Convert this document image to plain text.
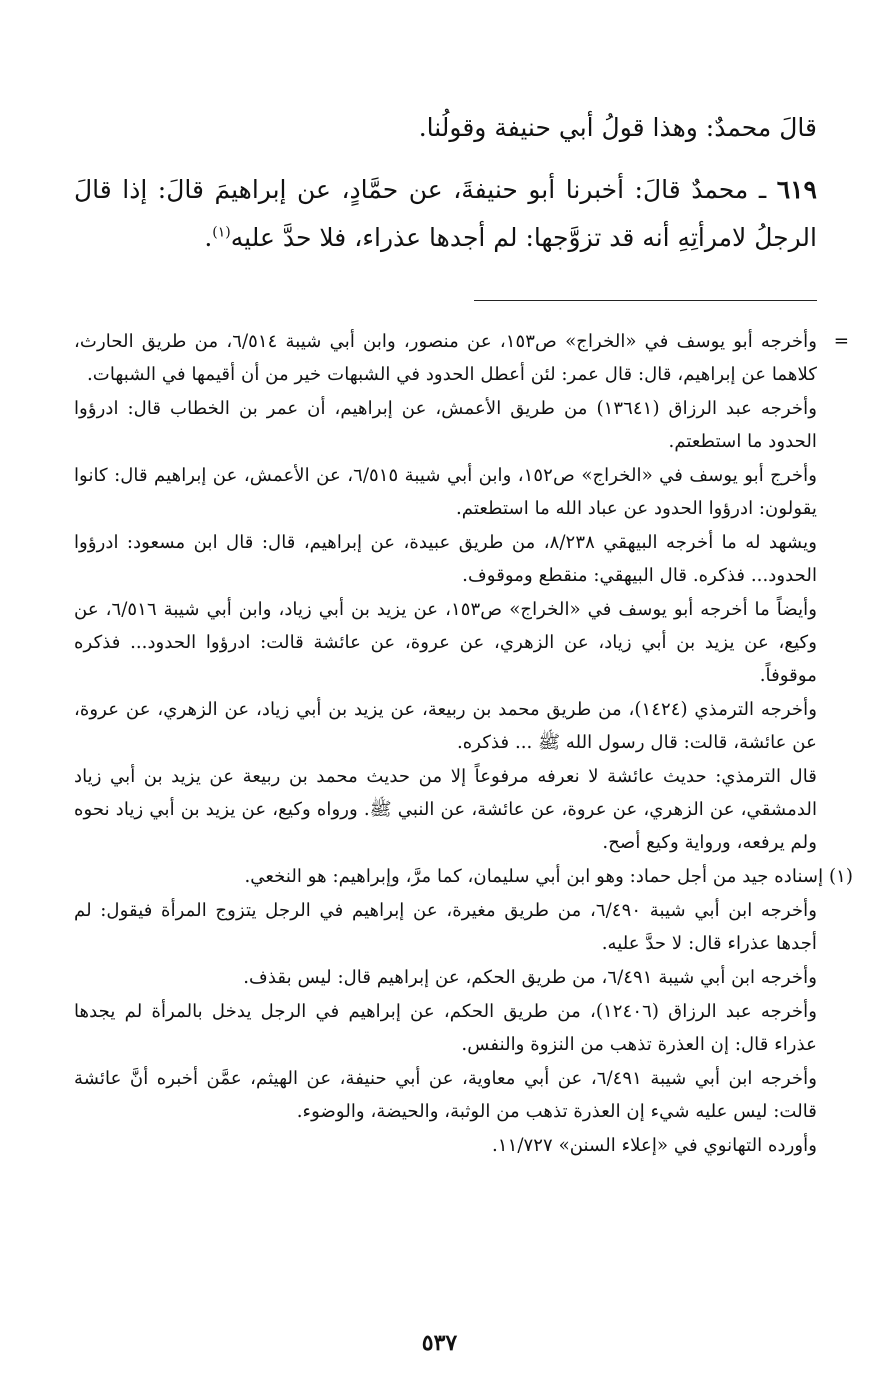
قالَ محمدٌ: وهذا قولُ أبي حنيفة وقولُنا.

٦١٩ ـ محمدٌ قالَ: أخبرنا أبو حنيفةَ، عن حمَّادٍ، عن إبراهيمَ قالَ: إذا قالَ الرجلُ لامرأتِهِ أنه قد تزوَّجها: لم أجدها عذراء، فلا حدَّ عليه$^{(١)}$.

=
وأخرجه أبو يوسف في «الخراج» ص١٥٣، عن منصور، وابن أبي شيبة ٦/٥١٤، من طريق الحارث، كلاهما عن إبراهيم، قال: قال عمر: لئن أعطل الحدود في الشبهات خير من أن أقيمها في الشبهات.

وأخرجه عبد الرزاق (١٣٦٤١) من طريق الأعمش، عن إبراهيم، أن عمر بن الخطاب قال: ادرؤوا الحدود ما استطعتم.

وأخرج أبو يوسف في «الخراج» ص١٥٢، وابن أبي شيبة ٦/٥١٥، عن الأعمش، عن إبراهيم قال: كانوا يقولون: ادرؤوا الحدود عن عباد الله ما استطعتم.

ويشهد له ما أخرجه البيهقي ٨/٢٣٨، من طريق عبيدة، عن إبراهيم، قال: قال ابن مسعود: ادرؤوا الحدود... فذكره. قال البيهقي: منقطع وموقوف.

وأيضاً ما أخرجه أبو يوسف في «الخراج» ص١٥٣، عن يزيد بن أبي زياد، وابن أبي شيبة ٦/٥١٦، عن وكيع، عن يزيد بن أبي زياد، عن الزهري، عن عروة، عن عائشة قالت: ادرؤوا الحدود... فذكره موقوفاً.

وأخرجه الترمذي (١٤٢٤)، من طريق محمد بن ربيعة، عن يزيد بن أبي زياد، عن الزهري، عن عروة، عن عائشة، قالت: قال رسول الله ﷺ ... فذكره.

قال الترمذي: حديث عائشة لا نعرفه مرفوعاً إلا من حديث محمد بن ربيعة عن يزيد بن أبي زياد الدمشقي، عن الزهري، عن عروة، عن عائشة، عن النبي ﷺ. ورواه وكيع، عن يزيد بن أبي زياد نحوه ولم يرفعه، ورواية وكيع أصح.

(١) إسناده جيد من أجل حماد: وهو ابن أبي سليمان، كما مرَّ، وإبراهيم: هو النخعي.

وأخرجه ابن أبي شيبة ٦/٤٩٠، من طريق مغيرة، عن إبراهيم في الرجل يتزوج المرأة فيقول: لم أجدها عذراء قال: لا حدَّ عليه.

وأخرجه ابن أبي شيبة ٦/٤٩١، من طريق الحكم، عن إبراهيم قال: ليس بقذف.

وأخرجه عبد الرزاق (١٢٤٠٦)، من طريق الحكم، عن إبراهيم في الرجل يدخل بالمرأة لم يجدها عذراء قال: إن العذرة تذهب من النزوة والنفس.

وأخرجه ابن أبي شيبة ٦/٤٩١، عن أبي معاوية، عن أبي حنيفة، عن الهيثم، عمَّن أخبره أنَّ عائشة قالت: ليس عليه شيء إن العذرة تذهب من الوثبة، والحيضة، والوضوء.

وأورده التهانوي في «إعلاء السنن» ١١/٧٢٧.

٥٣٧
